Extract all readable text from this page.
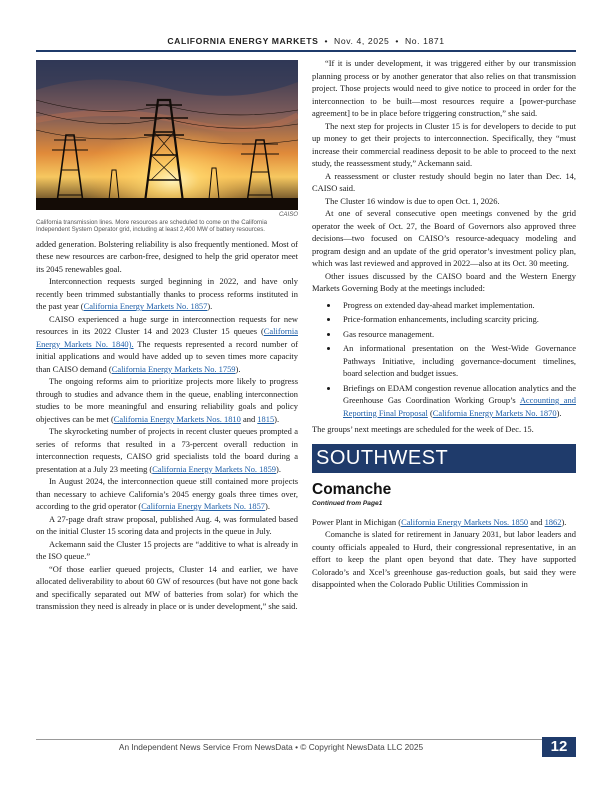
CALIFORNIA ENERGY MARKETS • Nov. 4, 2025 • No. 1871
CAISO
California transmission lines. More resources are scheduled to come on the California Independent System Operator grid, including at least 2,400 MW of battery resources.

added generation. Bolstering reliability is also frequently mentioned. Most of these new resources are carbon-free, designed to help the grid operator meet its 2045 renewables goal.

Interconnection requests surged beginning in 2022, and have only recently been trimmed substantially thanks to process reforms instituted in the past year (California Energy Markets No. 1857).

CAISO experienced a huge surge in interconnection requests for new resources in its 2022 Cluster 14 and 2023 Cluster 15 queues (California Energy Markets No. 1840). The requests represented a record number of initial applications and would have added up to seven times more capacity than CAISO demand (California Energy Markets No. 1759).

The ongoing reforms aim to prioritize projects more likely to progress through to studies and advance them in the queue, enabling interconnection studies to be more meaningful and ensuring reliability goals and policy objectives can be met (California Energy Markets Nos. 1810 and 1815).

The skyrocketing number of projects in recent cluster queues prompted a series of reforms that resulted in a 73-percent overall reduction in interconnection requests, CAISO grid specialists told the board during a presentation at a July 23 meeting (California Energy Markets No. 1859).

In August 2024, the interconnection queue still contained more projects than necessary to achieve California’s 2045 energy goals three times over, according to the grid operator (California Energy Markets No. 1857).

A 27-page draft straw proposal, published Aug. 4, was formulated based on the initial Cluster 15 scoring data and projects in the queue in July.

Ackemann said the Cluster 15 projects are “additive to what is already in the ISO queue.”

“Of those earlier queued projects, Cluster 14 and earlier, we have allocated deliverability to about 60 GW of resources (but have not gone back and specifically separated out MW of batteries from solar) for which the transmission they need is already in place or is under development,” she said.

“If it is under development, it was triggered either by our transmission planning process or by another generator that also relies on that transmission project. Those projects would need to give notice to proceed in order for the interconnection to be built—most resources require a [power-purchase agreement] to be in place before triggering construction,” she said.

The next step for projects in Cluster 15 is for developers to decide to put up money to get their projects to interconnection. Specifically, they “must increase their commercial readiness deposit to be able to proceed to the next study, the reassessment study,” Ackemann said.

A reassessment or cluster restudy should begin no later than Dec. 14, CAISO said.

The Cluster 16 window is due to open Oct. 1, 2026.

At one of several consecutive open meetings convened by the grid operator the week of Oct. 27, the Board of Governors also approved three decisions—two focused on CAISO’s resource-adequacy modeling and program design and an update of the grid operator’s investment policy plan, which was last reviewed and approved in 2022—also at its Oct. 30 meeting.

Other issues discussed by the CAISO board and the Western Energy Markets Governing Body at the meetings included:

• Progress on extended day-ahead market implementation.
• Price-formation enhancements, including scarcity pricing.
• Gas resource management.
• An informational presentation on the West-Wide Governance Pathways Initiative, including governance-document timelines, board selection and budget issues.
• Briefings on EDAM congestion revenue allocation analytics and the Greenhouse Gas Coordination Working Group’s Accounting and Reporting Final Proposal (California Energy Markets No. 1870).

The groups’ next meetings are scheduled for the week of Dec. 15.

SOUTHWEST
Comanche
Continued from Page1

Power Plant in Michigan (California Energy Markets Nos. 1850 and 1862).

Comanche is slated for retirement in January 2031, but labor leaders and county officials appealed to Hurd, their congressional representative, in an effort to keep the plant open beyond that date. They have supported Colorado’s and Xcel’s greenhouse gas-reduction goals, but said they were disappointed when the Colorado Public Utilities Commission in

An Independent News Service From NewsData • © Copyright NewsData LLC 2025	12
